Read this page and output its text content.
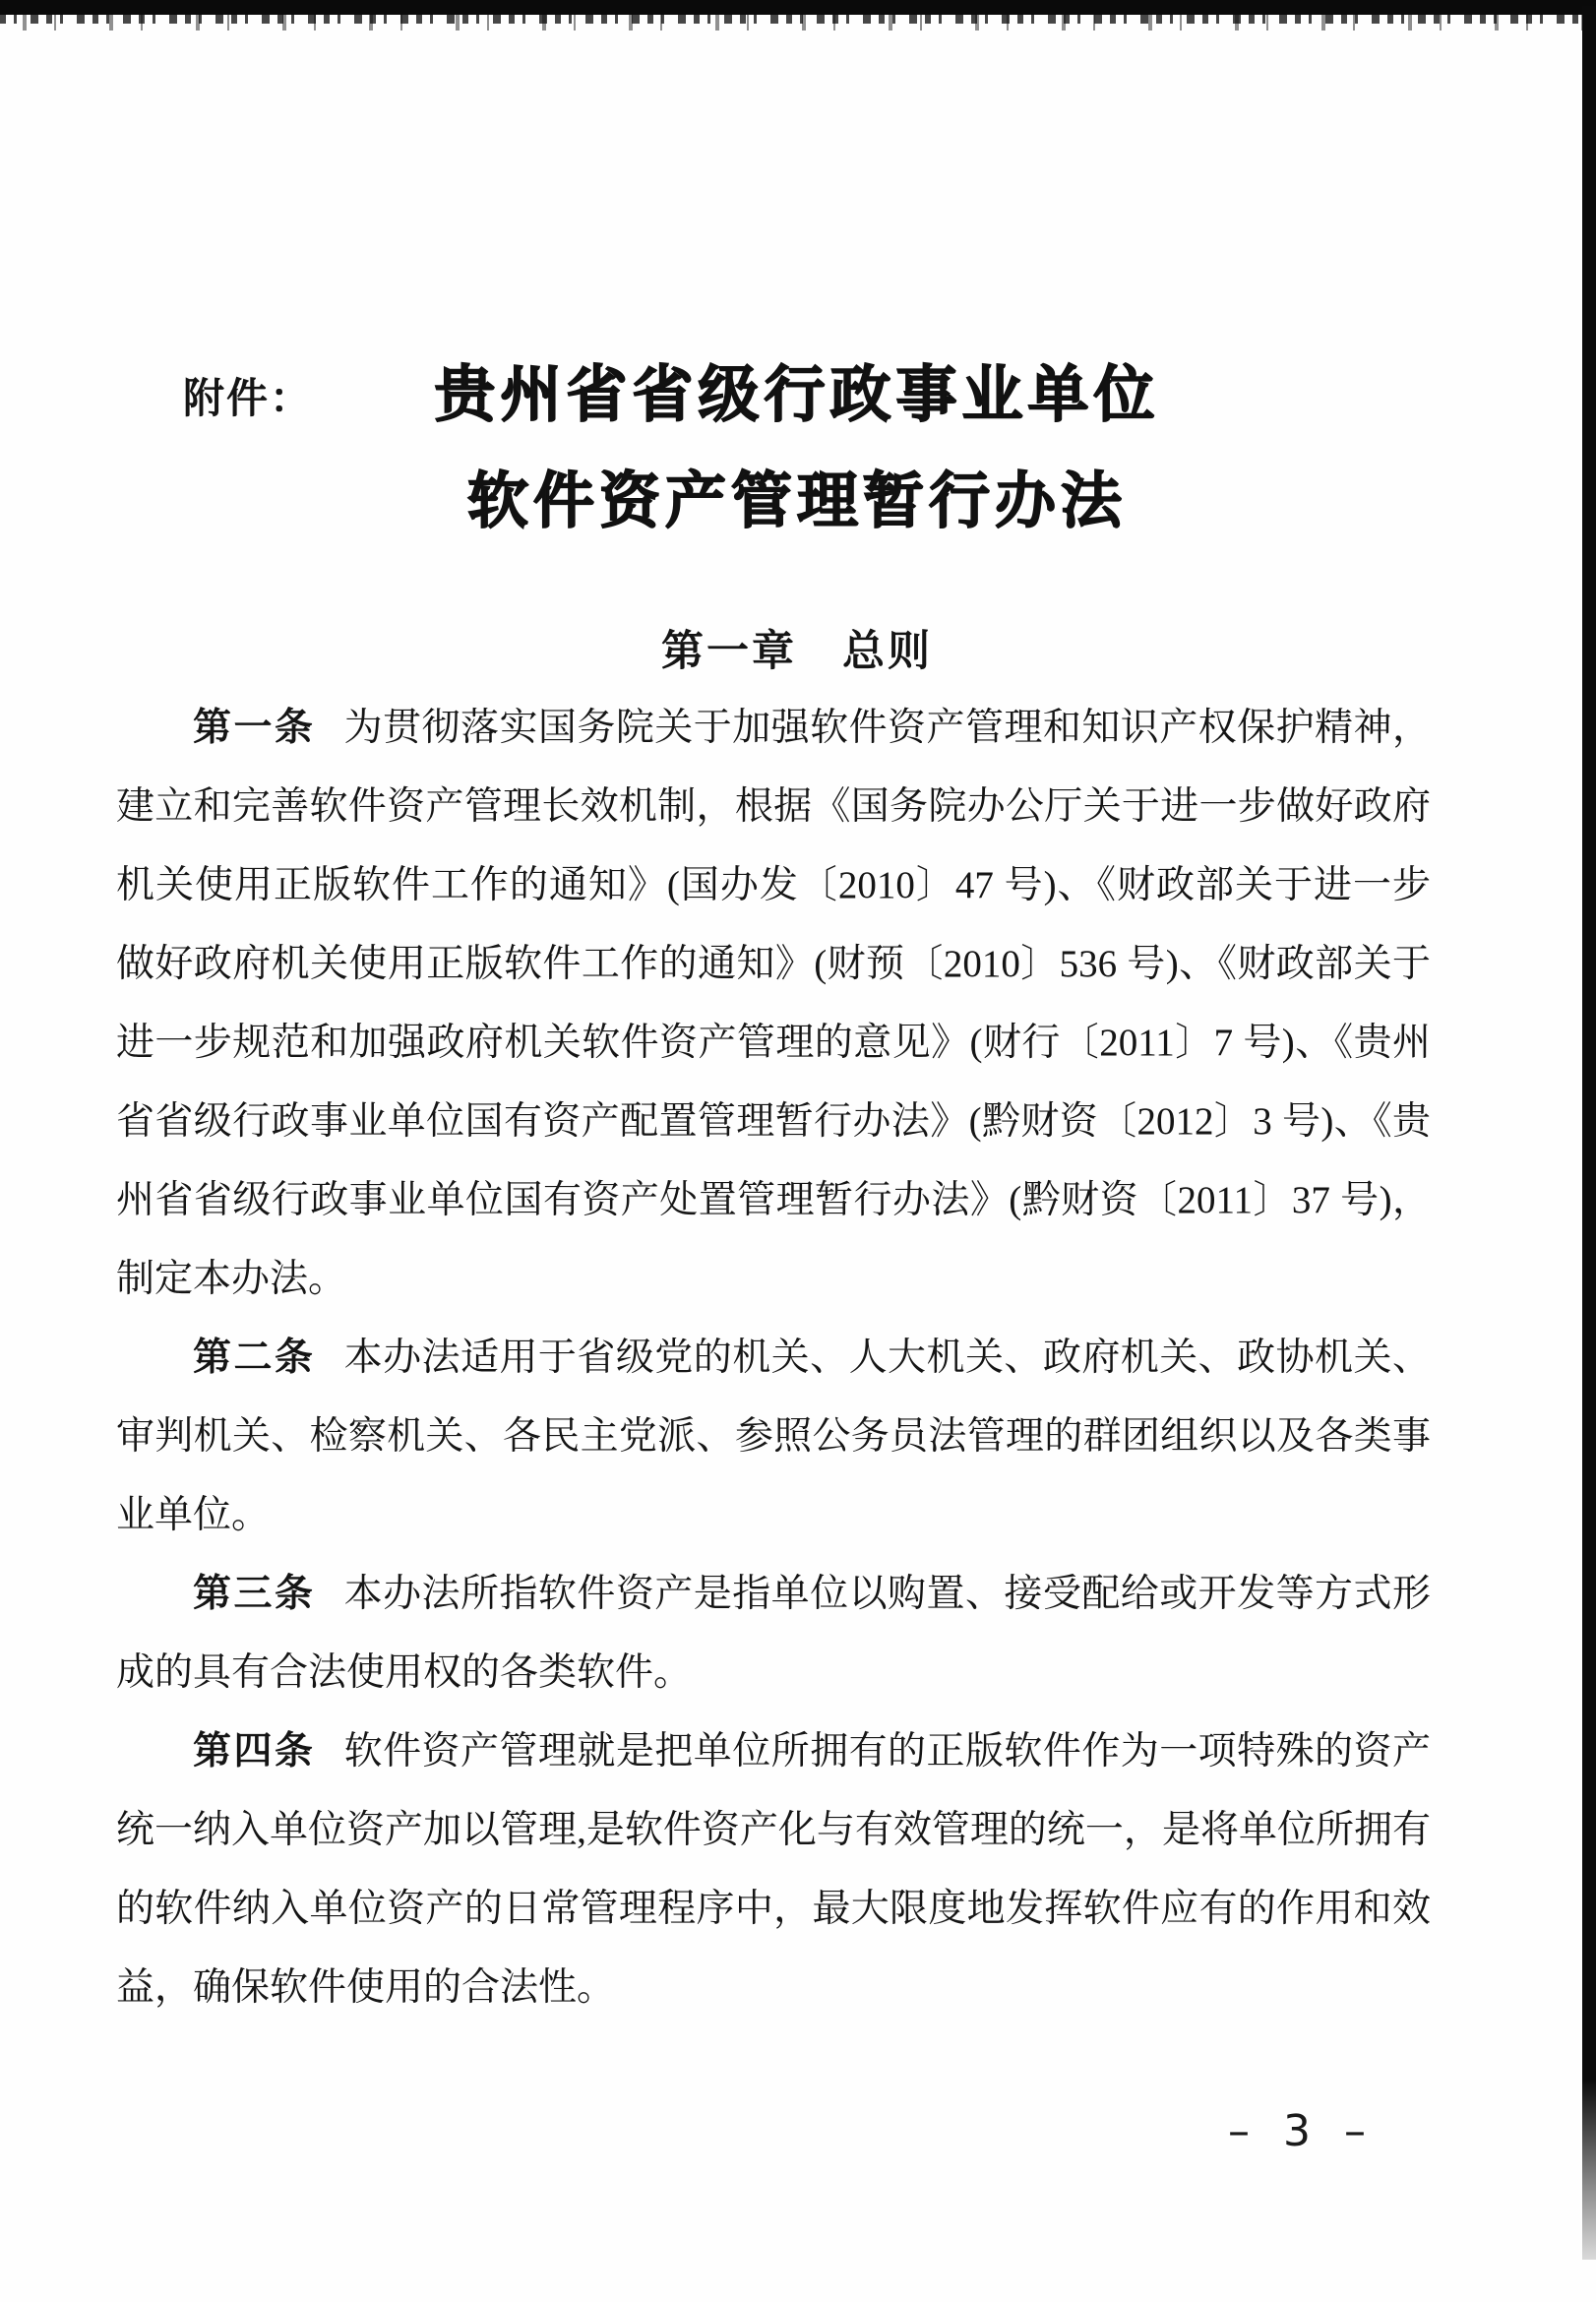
附件：	贵州省省级行政事业单位
软件资产管理暂行办法
第一章　总则

第一条 为贯彻落实国务院关于加强软件资产管理和知识产权保护精神，建立和完善软件资产管理长效机制，根据《国务院办公厅关于进一步做好政府机关使用正版软件工作的通知》(国办发〔2010〕47 号)、《财政部关于进一步做好政府机关使用正版软件工作的通知》(财预〔2010〕536 号)、《财政部关于进一步规范和加强政府机关软件资产管理的意见》(财行〔2011〕7 号)、《贵州省省级行政事业单位国有资产配置管理暂行办法》(黔财资〔2012〕3 号)、《贵州省省级行政事业单位国有资产处置管理暂行办法》(黔财资〔2011〕37 号)，制定本办法。

第二条 本办法适用于省级党的机关、人大机关、政府机关、政协机关、审判机关、检察机关、各民主党派、参照公务员法管理的群团组织以及各类事业单位。

第三条 本办法所指软件资产是指单位以购置、接受配给或开发等方式形成的具有合法使用权的各类软件。

第四条 软件资产管理就是把单位所拥有的正版软件作为一项特殊的资产统一纳入单位资产加以管理,是软件资产化与有效管理的统一，是将单位所拥有的软件纳入单位资产的日常管理程序中，最大限度地发挥软件应有的作用和效益，确保软件使用的合法性。

– 3 –
